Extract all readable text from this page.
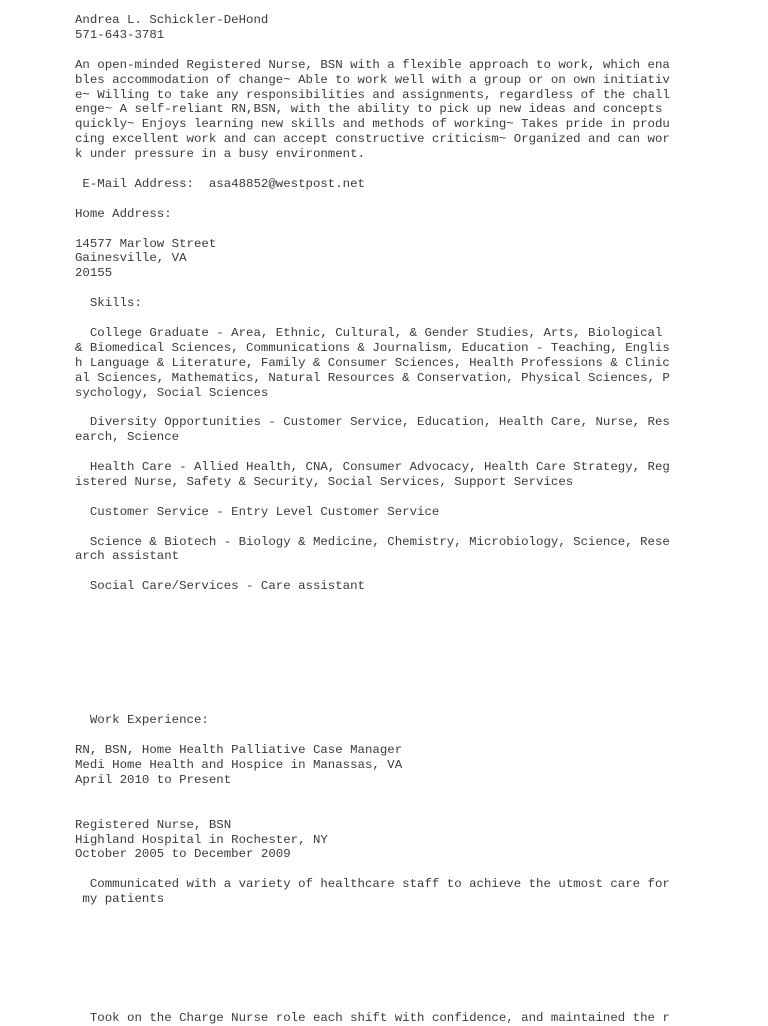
Andrea L. Schickler-DeHond
571-643-3781
An open-minded Registered Nurse, BSN with a flexible approach to work, which ena
bles accommodation of change~ Able to work well with a group or on own initiativ
e~ Willing to take any responsibilities and assignments, regardless of the chall
enge~ A self-reliant RN,BSN, with the ability to pick up new ideas and concepts
quickly~ Enjoys learning new skills and methods of working~ Takes pride in produ
cing excellent work and can accept constructive criticism~ Organized and can wor
k under pressure in a busy environment.
E-Mail Address:  asa48852@westpost.net
Home Address:
14577 Marlow Street
Gainesville, VA
20155
Skills:
College Graduate - Area, Ethnic, Cultural, & Gender Studies, Arts, Biological
& Biomedical Sciences, Communications & Journalism, Education - Teaching, Englis
h Language & Literature, Family & Consumer Sciences, Health Professions & Clinic
al Sciences, Mathematics, Natural Resources & Conservation, Physical Sciences, P
sychology, Social Sciences
Diversity Opportunities - Customer Service, Education, Health Care, Nurse, Res
earch, Science
Health Care - Allied Health, CNA, Consumer Advocacy, Health Care Strategy, Reg
istered Nurse, Safety & Security, Social Services, Support Services
Customer Service - Entry Level Customer Service
Science & Biotech - Biology & Medicine, Chemistry, Microbiology, Science, Rese
arch assistant
Social Care/Services - Care assistant
Work Experience:
RN, BSN, Home Health Palliative Case Manager
Medi Home Health and Hospice in Manassas, VA
April 2010 to Present
Registered Nurse, BSN
Highland Hospital in Rochester, NY
October 2005 to December 2009
Communicated with a variety of healthcare staff to achieve the utmost care for
my patients
Took on the Charge Nurse role each shift with confidence, and maintained the r
